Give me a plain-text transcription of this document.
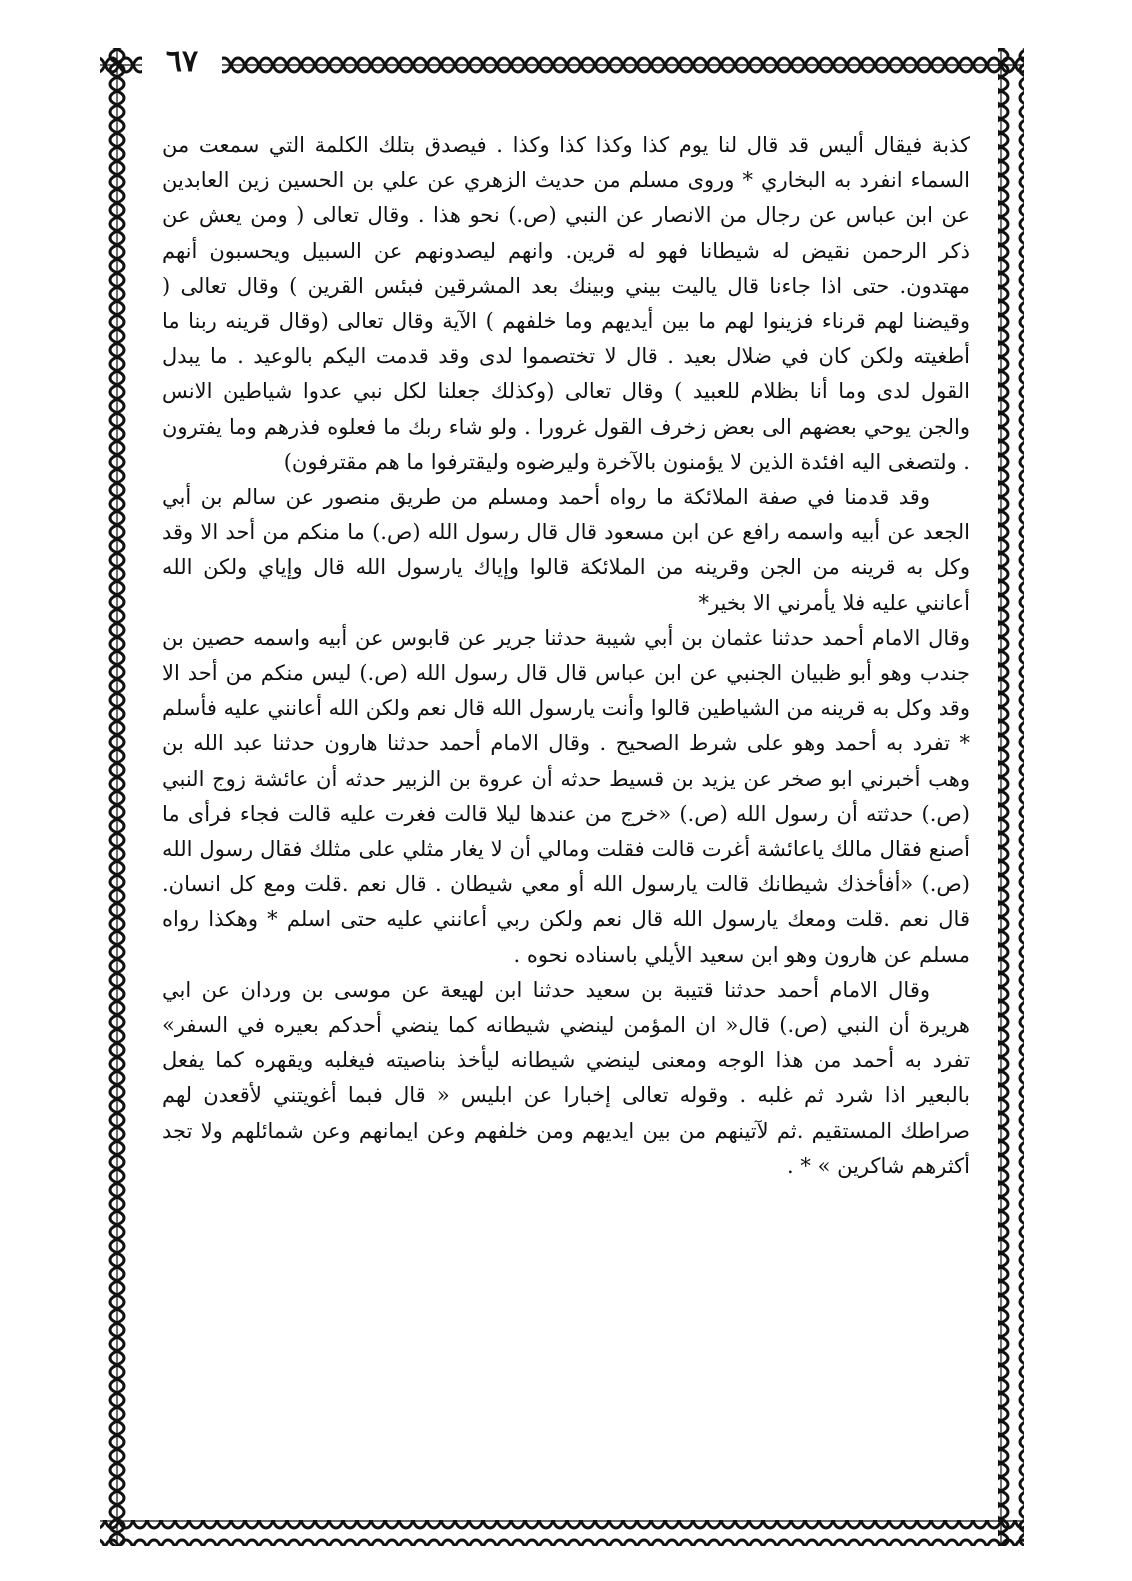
٦٧

كذبة فيقال أليس قد قال لنا يوم كذا وكذا كذا وكذا . فيصدق بتلك الكلمة التي سمعت من السماء انفرد به البخاري * وروى مسلم من حديث الزهري عن علي بن الحسين زين العابدين عن ابن عباس عن رجال من الانصار عن النبي (ص.) نحو هذا . وقال تعالى ( ومن يعش عن ذكر الرحمن نقيض له شيطانا فهو له قرين. وانهم ليصدونهم عن السبيل ويحسبون أنهم مهتدون. حتى اذا جاءنا قال ياليت بيني وبينك بعد المشرقين فبئس القرين ) وقال تعالى ( وقيضنا لهم قرناء فزينوا لهم ما بين أيديهم وما خلفهم ) الآية وقال تعالى (وقال قرينه ربنا ما أطغيته ولكن كان في ضلال بعيد . قال لا تختصموا لدى وقد قدمت اليكم بالوعيد . ما يبدل القول لدى وما أنا بظلام للعبيد ) وقال تعالى (وكذلك جعلنا لكل نبي عدوا شياطين الانس والجن يوحي بعضهم الى بعض زخرف القول غرورا . ولو شاء ربك ما فعلوه فذرهم وما يفترون . ولتصغى اليه افئدة الذين لا يؤمنون بالآخرة وليرضوه وليقترفوا ما هم مقترفون)

وقد قدمنا في صفة الملائكة ما رواه أحمد ومسلم من طريق منصور عن سالم بن أبي الجعد عن أبيه واسمه رافع عن ابن مسعود قال قال رسول الله (ص.) ما منكم من أحد الا وقد وكل به قرينه من الجن وقرينه من الملائكة قالوا وإياك يارسول الله قال وإياي ولكن الله أعانني عليه فلا يأمرني الا بخير*

وقال الامام أحمد حدثنا عثمان بن أبي شيبة حدثنا جرير عن قابوس عن أبيه واسمه حصين بن جندب وهو أبو ظبيان الجنبي عن ابن عباس قال قال رسول الله (ص.) ليس منكم من أحد الا وقد وكل به قرينه من الشياطين قالوا وأنت يارسول الله قال نعم ولكن الله أعانني عليه فأسلم * تفرد به أحمد وهو على شرط الصحيح . وقال الامام أحمد حدثنا هارون حدثنا عبد الله بن وهب أخبرني ابو صخر عن يزيد بن قسيط حدثه أن عروة بن الزبير حدثه أن عائشة زوج النبي (ص.) حدثته أن رسول الله (ص.) «خرج من عندها ليلا قالت فغرت عليه قالت فجاء فرأى ما أصنع فقال مالك ياعائشة أغرت قالت فقلت ومالي أن لا يغار مثلي على مثلك فقال رسول الله (ص.) «أفأخذك شيطانك قالت يارسول الله أو معي شيطان . قال نعم .قلت ومع كل انسان. قال نعم .قلت ومعك يارسول الله قال نعم ولكن ربي أعانني عليه حتى اسلم * وهكذا رواه مسلم عن هارون وهو ابن سعيد الأيلي باسناده نحوه .

وقال الامام أحمد حدثنا قتيبة بن سعيد حدثنا ابن لهيعة عن موسى بن وردان عن ابي هريرة أن النبي (ص.) قال« ان المؤمن لينضي شيطانه كما ينضي أحدكم بعيره في السفر» تفرد به أحمد من هذا الوجه ومعنى لينضي شيطانه ليأخذ بناصيته فيغلبه ويقهره كما يفعل بالبعير اذا شرد ثم غلبه . وقوله تعالى إخبارا عن ابليس « قال فبما أغويتني لأقعدن لهم صراطك المستقيم .ثم لآتينهم من بين ايديهم ومن خلفهم وعن ايمانهم وعن شمائلهم ولا تجد أكثرهم شاكرين » * .
